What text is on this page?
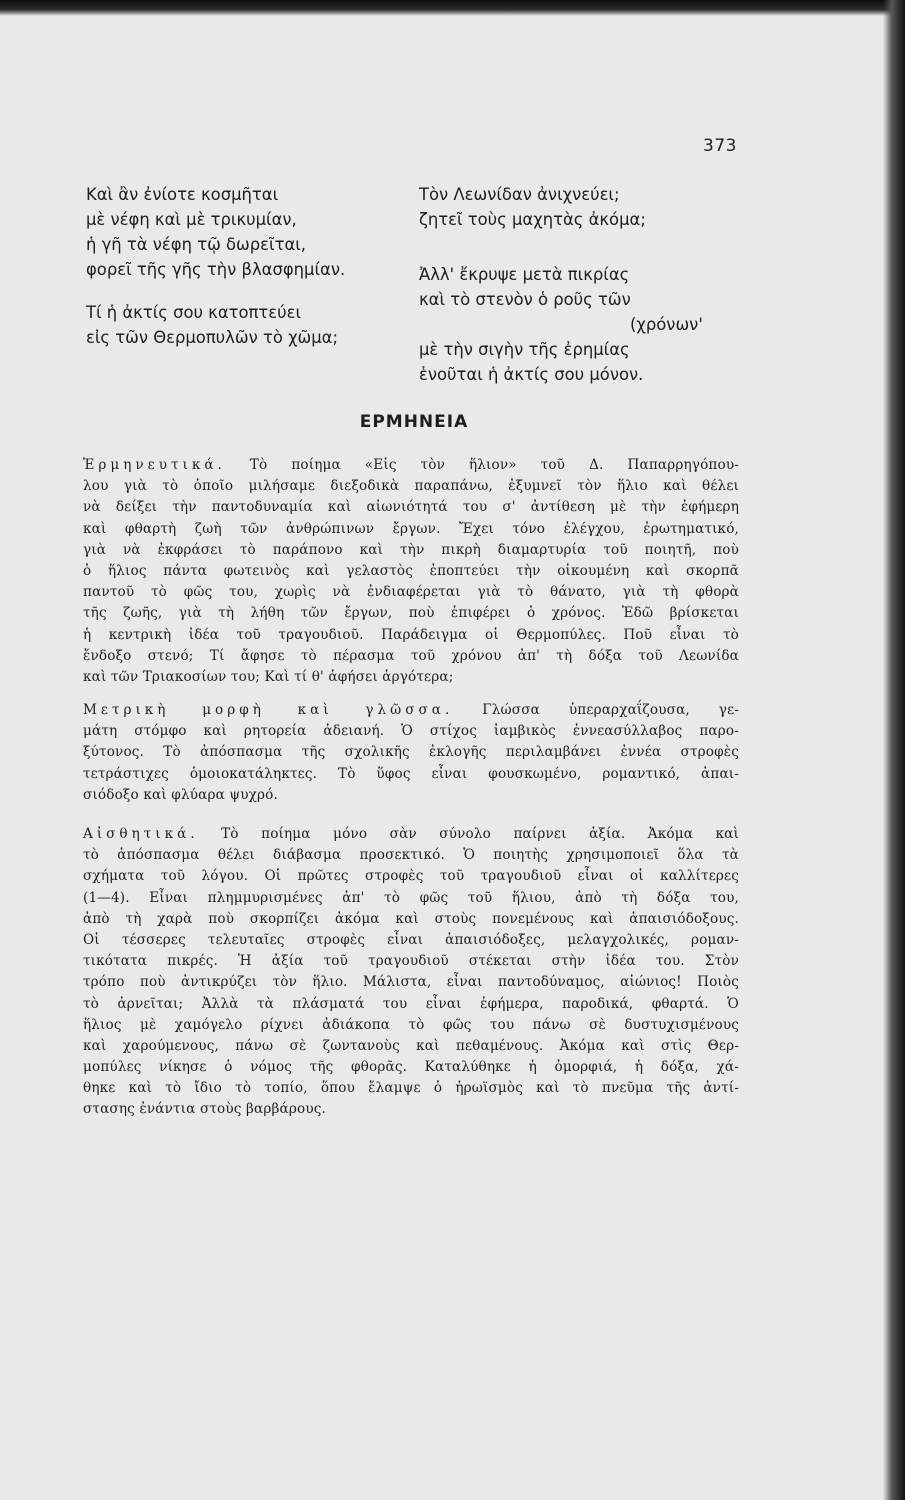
373
Καὶ ἂν ἐνίοτε κοσμῆται
μὲ νέφη καὶ μὲ τρικυμίαν,
ἡ γῆ τὰ νέφη τῷ δωρεῖται,
φορεῖ τῆς γῆς τὴν βλασφημίαν.
Τί ἡ ἀκτίς σου κατοπτεύει
εἰς τῶν Θερμοπυλῶν τὸ χῶμα;
Τὸν Λεωνίδαν ἀνιχνεύει;
ζητεῖ τοὺς μαχητὰς ἀκόμα;
Ἀλλ' ἔκρυψε μετὰ πικρίας
καὶ τὸ στενὸν ὁ ροῦς τῶν
(χρόνων'
μὲ τὴν σιγὴν τῆς ἐρημίας
ἑνοῦται ἡ ἀκτίς σου μόνον.
ΕΡΜΗΝΕΙΑ
Ἑρμηνευτικά. Τὸ ποίημα «Εἰς τὸν ἥλιον» τοῦ Δ. Παπαρρηγόπου-
λου γιὰ τὸ ὁποῖο μιλήσαμε διεξοδικὰ παραπάνω, ἐξυμνεῖ τὸν ἥλιο καὶ θέλει
νὰ δείξει τὴν παντοδυναμία καὶ αἰωνιότητά του σ' ἀντίθεση μὲ τὴν ἐφήμερη
καὶ φθαρτὴ ζωὴ τῶν ἀνθρώπινων ἔργων. Ἔχει τόνο ἐλέγχου, ἐρωτηματικό,
γιὰ νὰ ἐκφράσει τὸ παράπονο καὶ τὴν πικρὴ διαμαρτυρία τοῦ ποιητῆ, ποὺ
ὁ ἥλιος πάντα φωτεινὸς καὶ γελαστὸς ἐποπτεύει τὴν οἰκουμένη καὶ σκορπᾶ
παντοῦ τὸ φῶς του, χωρὶς νὰ ἐνδιαφέρεται γιὰ τὸ θάνατο, γιὰ τὴ φθορὰ
τῆς ζωῆς, γιὰ τὴ λήθη τῶν ἔργων, ποὺ ἐπιφέρει ὁ χρόνος. Ἐδῶ βρίσκεται
ἡ κεντρικὴ ἰδέα τοῦ τραγουδιοῦ. Παράδειγμα οἱ Θερμοπύλες. Ποῦ εἶναι τὸ
ἔνδοξο στενό; Τί ἄφησε τὸ πέρασμα τοῦ χρόνου ἀπ' τὴ δόξα τοῦ Λεωνίδα
καὶ τῶν Τριακοσίων του; Καὶ τί θ' ἀφήσει ἀργότερα;
Μετρικὴ μορφὴ καὶ γλῶσσα. Γλώσσα ὑπεραρχαΐζουσα, γε-
μάτη στόμφο καὶ ρητορεία ἀδειανή. Ὁ στίχος ἰαμβικὸς ἐννεασύλλαβος παρο-
ξύτονος. Τὸ ἀπόσπασμα τῆς σχολικῆς ἐκλογῆς περιλαμβάνει ἐννέα στροφὲς
τετράστιχες ὁμοιοκατάληκτες. Τὸ ὕφος εἶναι φουσκωμένο, ρομαντικό, ἀπαι-
σιόδοξο καὶ φλύαρα ψυχρό.
Αἰσθητικά. Τὸ ποίημα μόνο σὰν σύνολο παίρνει ἀξία. Ἀκόμα καὶ
τὸ ἀπόσπασμα θέλει διάβασμα προσεκτικό. Ὁ ποιητὴς χρησιμοποιεῖ ὅλα τὰ
σχήματα τοῦ λόγου. Οἱ πρῶτες στροφὲς τοῦ τραγουδιοῦ εἶναι οἱ καλλίτερες
(1—4). Εἶναι πλημμυρισμένες ἀπ' τὸ φῶς τοῦ ἥλιου, ἀπὸ τὴ δόξα του,
ἀπὸ τὴ χαρὰ ποὺ σκορπίζει ἀκόμα καὶ στοὺς πονεμένους καὶ ἀπαισιόδοξους.
Οἱ τέσσερες τελευταῖες στροφὲς εἶναι ἀπαισιόδοξες, μελαγχολικές, ρομαν-
τικότατα πικρές. Ἡ ἀξία τοῦ τραγουδιοῦ στέκεται στὴν ἰδέα του. Στὸν
τρόπο ποὺ ἀντικρύζει τὸν ἥλιο. Μάλιστα, εἶναι παντοδύναμος, αἰώνιος! Ποιὸς
τὸ ἀρνεῖται; Ἀλλὰ τὰ πλάσματά του εἶναι ἐφήμερα, παροδικά, φθαρτά. Ὁ
ἥλιος μὲ χαμόγελο ρίχνει ἀδιάκοπα τὸ φῶς του πάνω σὲ δυστυχισμένους
καὶ χαρούμενους, πάνω σὲ ζωντανοὺς καὶ πεθαμένους. Ἀκόμα καὶ στὶς Θερ-
μοπύλες νίκησε ὁ νόμος τῆς φθορᾶς. Καταλύθηκε ἡ ὀμορφιά, ἡ δόξα, χά-
θηκε καὶ τὸ ἴδιο τὸ τοπίο, ὅπου ἔλαμψε ὁ ἡρωϊσμὸς καὶ τὸ πνεῦμα τῆς ἀντί-
στασης ἐνάντια στοὺς βαρβάρους.
